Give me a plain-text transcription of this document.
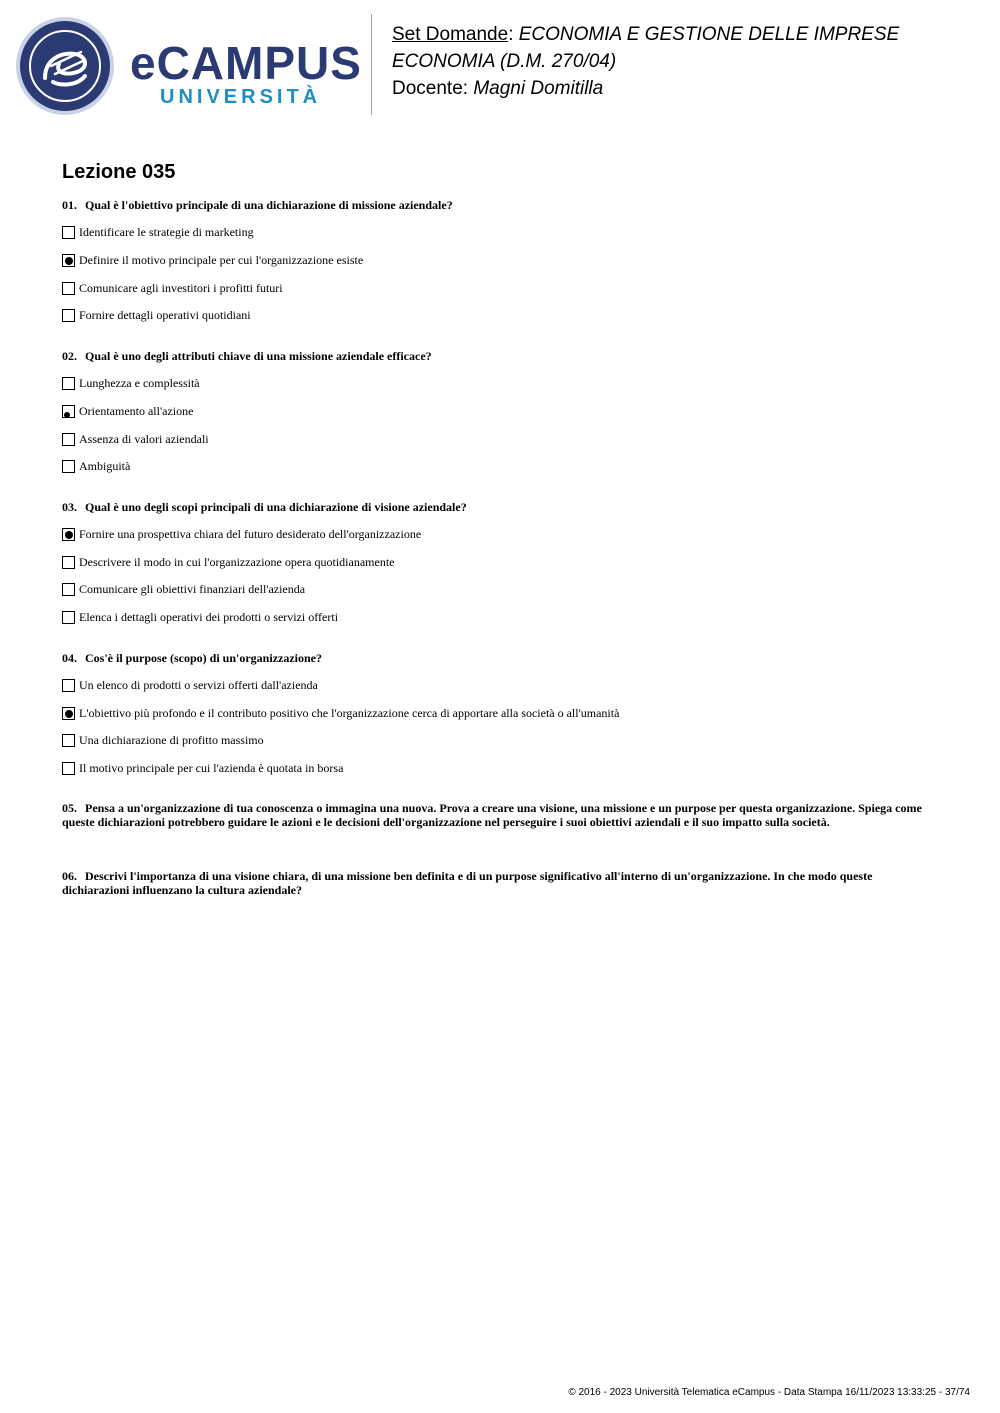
eCAMPUS
UNIVERSITÀ
Set Domande: ECONOMIA E GESTIONE DELLE IMPRESE
ECONOMIA (D.M. 270/04)
Docente: Magni Domitilla
Lezione 035
01. Qual è l'obiettivo principale di una dichiarazione di missione aziendale?
Identificare le strategie di marketing
Definire il motivo principale per cui l'organizzazione esiste
Comunicare agli investitori i profitti futuri
Fornire dettagli operativi quotidiani
02. Qual è uno degli attributi chiave di una missione aziendale efficace?
Lunghezza e complessità
Orientamento all'azione
Assenza di valori aziendali
Ambiguità
03. Qual è uno degli scopi principali di una dichiarazione di visione aziendale?
Fornire una prospettiva chiara del futuro desiderato dell'organizzazione
Descrivere il modo in cui l'organizzazione opera quotidianamente
Comunicare gli obiettivi finanziari dell'azienda
Elenca i dettagli operativi dei prodotti o servizi offerti
04. Cos'è il purpose (scopo) di un'organizzazione?
Un elenco di prodotti o servizi offerti dall'azienda
L'obiettivo più profondo e il contributo positivo che l'organizzazione cerca di apportare alla società o all'umanità
Una dichiarazione di profitto massimo
Il motivo principale per cui l'azienda è quotata in borsa
05. Pensa a un'organizzazione di tua conoscenza o immagina una nuova. Prova a creare una visione, una missione e un purpose per questa organizzazione. Spiega come queste dichiarazioni potrebbero guidare le azioni e le decisioni dell'organizzazione nel perseguire i suoi obiettivi aziendali e il suo impatto sulla società.
06. Descrivi l'importanza di una visione chiara, di una missione ben definita e di un purpose significativo all'interno di un'organizzazione. In che modo queste dichiarazioni influenzano la cultura aziendale?
© 2016 - 2023 Università Telematica eCampus - Data Stampa 16/11/2023 13:33:25 - 37/74
